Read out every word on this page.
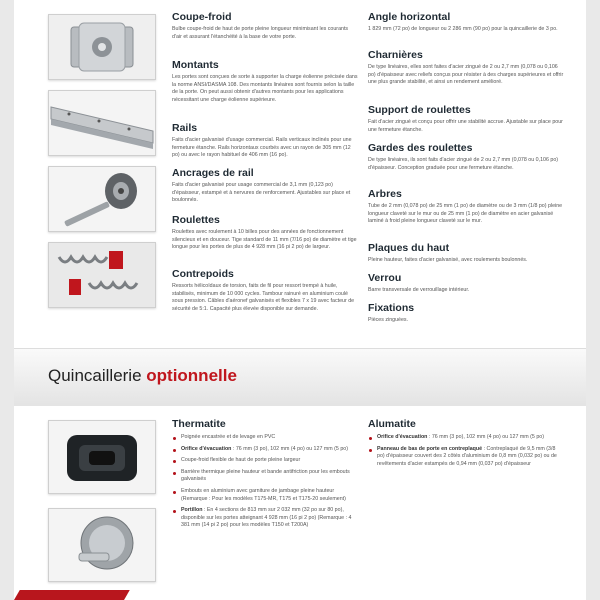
Coupe-froid
Bulbe coupe-froid de haut de porte pleine longueur minimisant les courants d'air et assurant l'étanchéité à la base de votre porte.
Montants
Les portes sont conçues de sorte à supporter la charge éolienne précisée dans la norme ANSI/DASMA 108. Des montants linéaires sont fournis selon la taille de la porte. On peut aussi obtenir d'autres montants pour les applications nécessitant une charge éolienne supérieure.
Rails
Faits d'acier galvanisé d'usage commercial. Rails verticaux inclinés pour une fermeture étanche. Rails horizontaux courbés avec un rayon de 305 mm (12 po) ou avec le rayon habituel de 406 mm (16 po).
Ancrages de rail
Faits d'acier galvanisé pour usage commercial de 3,1 mm (0,123 po) d'épaisseur, estampé et à nervures de renforcement. Ajustables sur place et boulonnés.
Roulettes
Roulettes avec roulement à 10 billes pour des années de fonctionnement silencieux et en douceur. Tige standard de 11 mm (7/16 po) de diamètre et tige longue pour les portes de plus de 4 928 mm (16 pi 2 po) de largeur.
Contrepoids
Ressorts hélicoïdaux de torsion, faits de fil pour ressort trempé à huile, stabilisés, minimum de 10 000 cycles. Tambour rainuré en aluminium coulé sous pression. Câbles d'aéronef galvanisés et flexibles 7 x 19 avec facteur de sécurité de 5:1. Capacité plus élevée disponible sur demande.
Angle horizontal
1 829 mm (72 po) de longueur ou 2 286 mm (90 po) pour la quincaillerie de 3 po.
Charnières
De type linéaires, elles sont faites d'acier zingué de 2 ou 2,7 mm (0,078 ou 0,106 po) d'épaisseur avec reliefs conçus pour résister à des charges supérieures et offrir une plus grande stabilité, et ainsi un rendement amélioré.
Support de roulettes
Fait d'acier zingué et conçu pour offrir une stabilité accrue. Ajustable sur place pour une fermeture étanche.
Gardes des roulettes
De type linéaires, ils sont faits d'acier zingué de 2 ou 2,7 mm (0,078 ou 0,106 po) d'épaisseur. Conception graduée pour une fermeture étanche.
Arbres
Tube de 2 mm (0,078 po) de 25 mm (1 po) de diamètre ou de 3 mm (1/8 po) pleine longueur claveté sur le mur ou de 25 mm (1 po) de diamètre en acier galvanisé laminé à froid pleine longueur claveté sur le mur.
Plaques du haut
Pleine hauteur, faites d'acier galvanisé, avec roulements boulonnés.
Verrou
Barre transversale de verrouillage intérieur.
Fixations
Pièces zinguées.
Quincaillerie optionnelle
Thermatite
Poignée encastrée et de levage en PVC
Orifice d'évacuation : 76 mm (3 po), 102 mm (4 po) ou 127 mm (5 po)
Coupe-froid flexible de haut de porte pleine largeur
Barrière thermique pleine hauteur et bande antifriction pour les embouts galvanisés
Embouts en aluminium avec garniture de jambage pleine hauteur (Remarque : Pour les modèles T175-MR, T175 et T175-20 seulement)
Portillon : En 4 sections de 813 mm sur 2 032 mm (32 po sur 80 po), disponible sur les portes atteignant 4 928 mm (16 pi 2 po) (Remarque : 4 381 mm (14 pi 2 po) pour les modèles T150 et T200A)
Alumatite
Orifice d'évacuation : 76 mm (3 po), 102 mm (4 po) ou 127 mm (5 po)
Panneau de bas de porte en contreplaqué : Contreplaqué de 9,5 mm (3/8 po) d'épaisseur couvert des 2 côtés d'aluminium de 0,8 mm (0,032 po) ou de revêtements d'acier estampés de 0,94 mm (0,037 po) d'épaisseur
